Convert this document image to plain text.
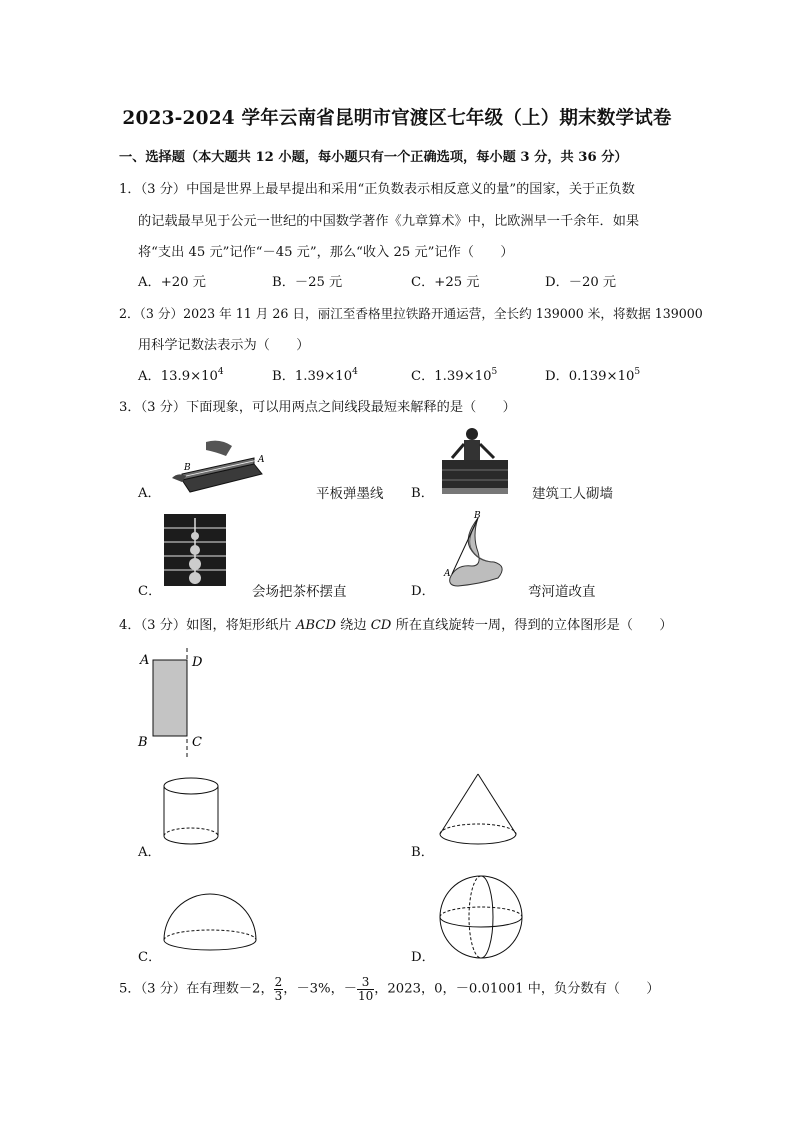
2023-2024 学年云南省昆明市官渡区七年级（上）期末数学试卷
一、选择题（本大题共 12 小题，每小题只有一个正确选项，每小题 3 分，共 36 分）
1．（3 分）中国是世界上最早提出和采用“正负数表示相反意义的量”的国家，关于正负数
的记载最早见于公元一世纪的中国数学著作《九章算术》中，比欧洲早一千余年．如果
将“支出 45 元”记作“－45 元”，那么“收入 25 元”记作（　　）
A．+20 元	B．－25 元	C．+25 元	D．－20 元
2．（3 分）2023 年 11 月 26 日，丽江至香格里拉铁路开通运营，全长约 139000 米，将数据 139000
用科学记数法表示为（　　）
A．$13.9\times 10^4$	B．$1.39\times 10^4$	C．$1.39\times 10^5$	D．$0.139\times 10^5$
3．（3 分）下面现象，可以用两点之间线段最短来解释的是（　　）
A．
B
A
平板弹墨线 B．	建筑工人砌墙
C．	会场把茶杯摆直	D．
B
A
弯河道改直
4．（3 分）如图，将矩形纸片 ABCD 绕边 CD 所在直线旋转一周，得到的立体图形是（　　）
A	D
B	C
A．	B．
C．	D．
5．（3 分）在有理数－2， $\frac{2}{3}$ ，－3%，－ $\frac{3}{10}$ ，2023，0，－0.01001 中，负分数有（　　）
